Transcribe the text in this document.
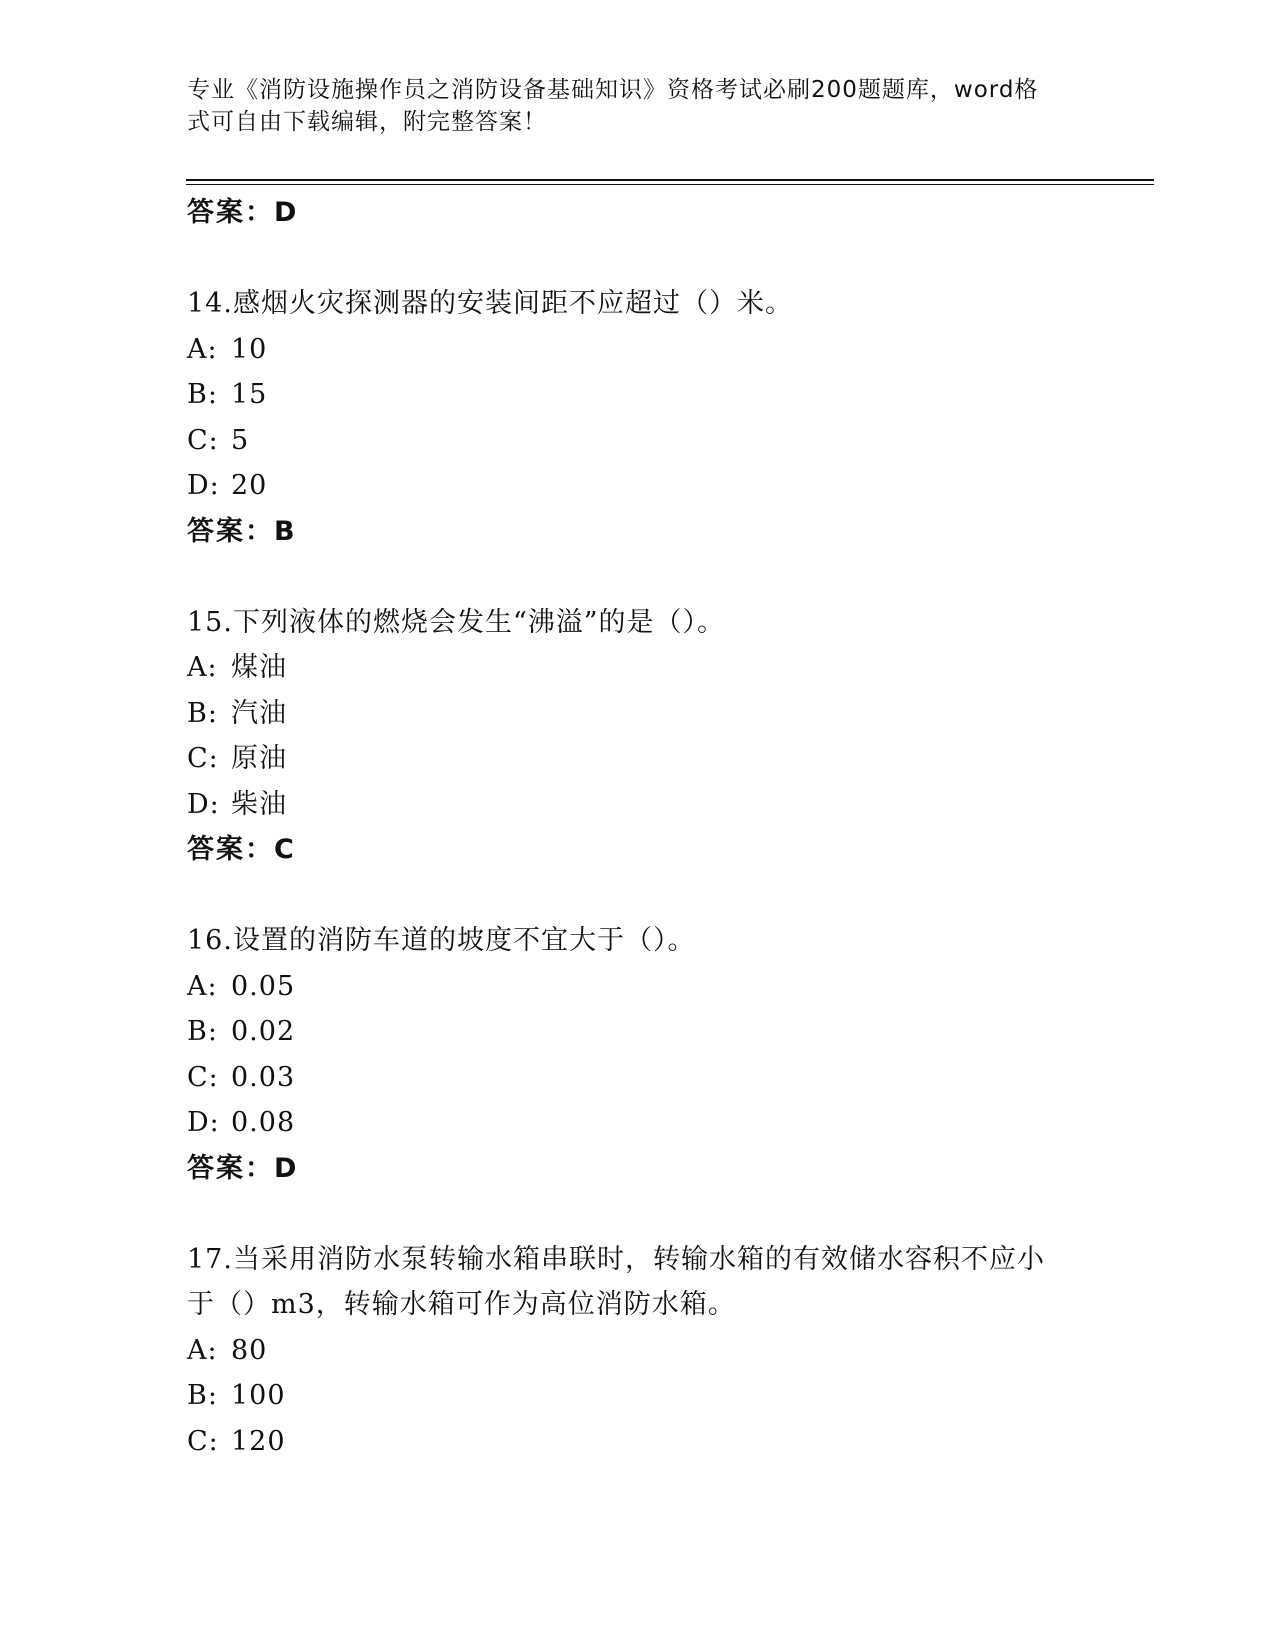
专业《消防设施操作员之消防设备基础知识》资格考试必刷200题题库，word格
式可自由下载编辑，附完整答案！
答案：D
14.感烟火灾探测器的安装间距不应超过（）米。
A: 10
B: 15
C: 5
D: 20
答案：B
15.下列液体的燃烧会发生“沸溢”的是（）。
A: 煤油
B: 汽油
C: 原油
D: 柴油
答案：C
16.设置的消防车道的坡度不宜大于（）。
A: 0.05
B: 0.02
C: 0.03
D: 0.08
答案：D
17.当采用消防水泵转输水箱串联时，转输水箱的有效储水容积不应小
于（）m3，转输水箱可作为高位消防水箱。
A: 80
B: 100
C: 120
